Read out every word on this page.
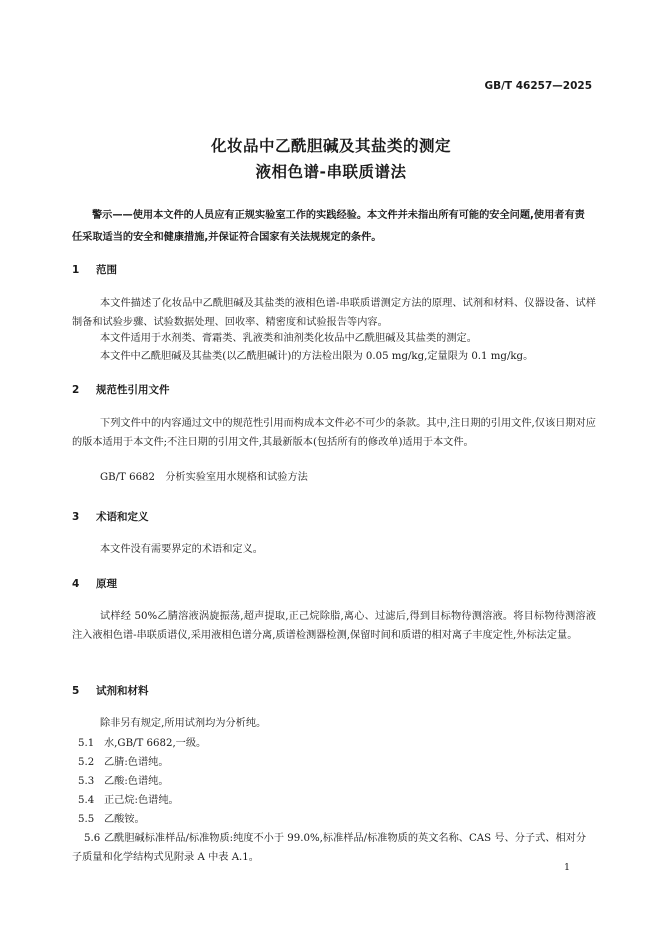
GB/T 46257—2025
化妆品中乙酰胆碱及其盐类的测定
液相色谱-串联质谱法
警示——使用本文件的人员应有正规实验室工作的实践经验。本文件并未指出所有可能的安全问题,使用者有责任采取适当的安全和健康措施,并保证符合国家有关法规规定的条件。
1 范围
本文件描述了化妆品中乙酰胆碱及其盐类的液相色谱-串联质谱测定方法的原理、试剂和材料、仪器设备、试样制备和试验步骤、试验数据处理、回收率、精密度和试验报告等内容。
本文件适用于水剂类、膏霜类、乳液类和油剂类化妆品中乙酰胆碱及其盐类的测定。
本文件中乙酰胆碱及其盐类(以乙酰胆碱计)的方法检出限为 0.05 mg/kg,定量限为 0.1 mg/kg。
2 规范性引用文件
下列文件中的内容通过文中的规范性引用而构成本文件必不可少的条款。其中,注日期的引用文件,仅该日期对应的版本适用于本文件;不注日期的引用文件,其最新版本(包括所有的修改单)适用于本文件。
GB/T 6682　分析实验室用水规格和试验方法
3 术语和定义
本文件没有需要界定的术语和定义。
4 原理
试样经 50%乙腈溶液涡旋振荡,超声提取,正己烷除脂,离心、过滤后,得到目标物待测溶液。将目标物待测溶液注入液相色谱-串联质谱仪,采用液相色谱分离,质谱检测器检测,保留时间和质谱的相对离子丰度定性,外标法定量。
5 试剂和材料
除非另有规定,所用试剂均为分析纯。
5.1 水,GB/T 6682,一级。
5.2 乙腈:色谱纯。
5.3 乙酸:色谱纯。
5.4 正己烷:色谱纯。
5.5 乙酸铵。
5.6 乙酰胆碱标准样品/标准物质:纯度不小于 99.0%,标准样品/标准物质的英文名称、CAS 号、分子式、相对分子质量和化学结构式见附录 A 中表 A.1。
1
